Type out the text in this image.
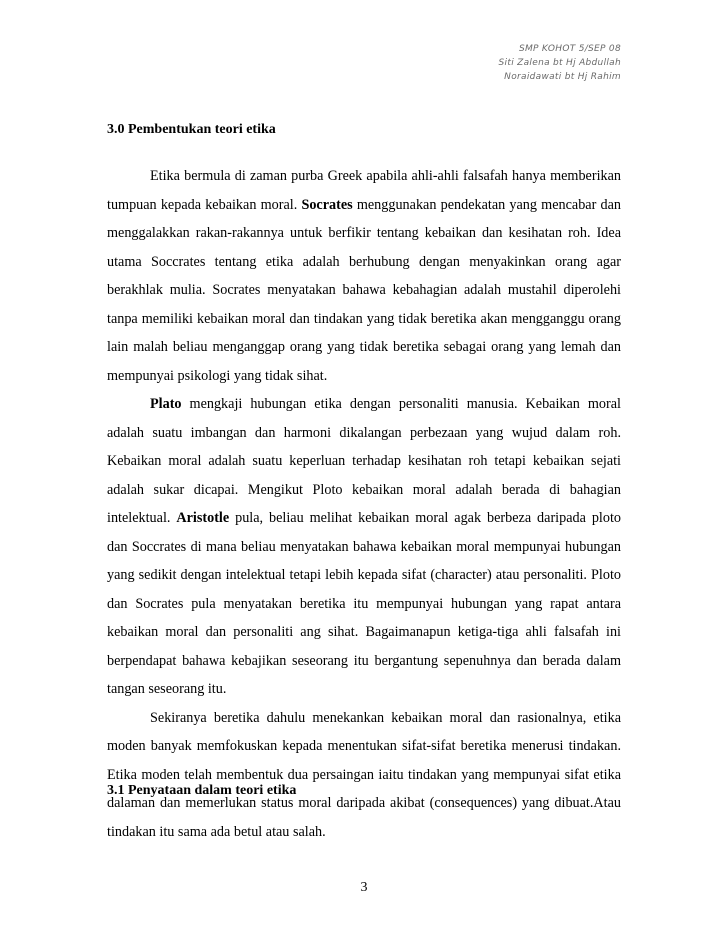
SMP KOHOT 5/SEP 08
Siti Zalena bt Hj Abdullah
Noraidawati bt Hj Rahim
3.0 Pembentukan teori etika

Etika bermula di zaman purba Greek apabila ahli-ahli falsafah hanya memberikan tumpuan kepada kebaikan moral. Socrates menggunakan pendekatan yang mencabar dan menggalakkan rakan-rakannya untuk berfikir tentang kebaikan dan kesihatan roh. Idea utama Soccrates tentang etika adalah berhubung dengan menyakinkan orang agar berakhlak mulia. Socrates menyatakan bahawa kebahagian adalah mustahil diperolehi tanpa memiliki kebaikan moral dan tindakan yang tidak beretika akan mengganggu orang lain malah beliau menganggap orang yang tidak beretika sebagai orang yang lemah dan mempunyai psikologi yang tidak sihat.

Plato mengkaji hubungan etika dengan personaliti manusia. Kebaikan moral adalah suatu imbangan dan harmoni dikalangan perbezaan yang wujud dalam roh. Kebaikan moral adalah suatu keperluan terhadap kesihatan roh tetapi kebaikan sejati adalah sukar dicapai. Mengikut Ploto kebaikan moral adalah berada di bahagian intelektual. Aristotle pula, beliau melihat kebaikan moral agak berbeza daripada ploto dan Soccrates di mana beliau menyatakan bahawa kebaikan moral mempunyai hubungan yang sedikit dengan intelektual tetapi lebih kepada sifat (character) atau personaliti. Ploto dan Socrates pula menyatakan beretika itu mempunyai hubungan yang rapat antara kebaikan moral dan personaliti ang sihat. Bagaimanapun ketiga-tiga ahli falsafah ini berpendapat bahawa kebajikan seseorang itu bergantung sepenuhnya dan berada dalam tangan seseorang itu.

Sekiranya beretika dahulu menekankan kebaikan moral dan rasionalnya, etika moden banyak memfokuskan kepada menentukan sifat-sifat beretika menerusi tindakan. Etika moden telah membentuk dua persaingan iaitu tindakan yang mempunyai sifat etika dalaman dan memerlukan status moral daripada akibat (consequences) yang dibuat.Atau tindakan itu sama ada betul atau salah.

3.1 Penyataan dalam teori etika
3
